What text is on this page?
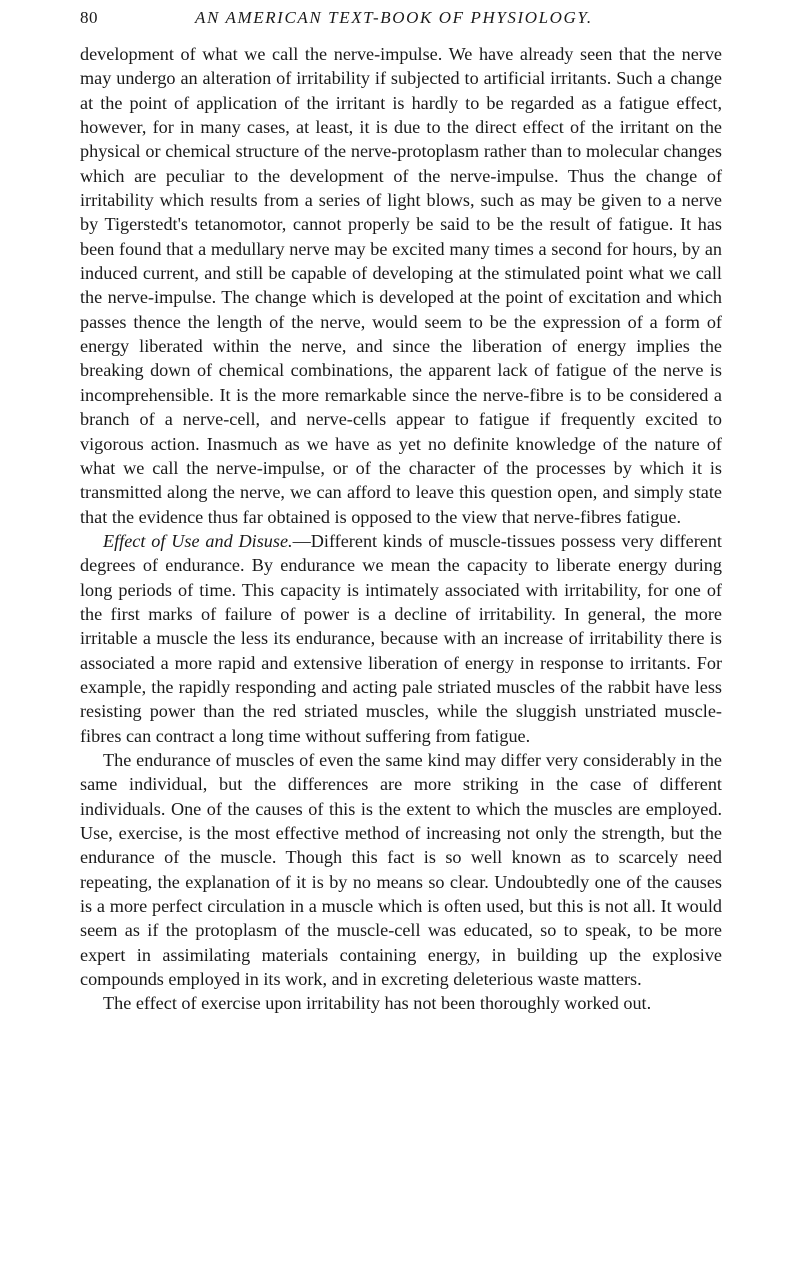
80	AN AMERICAN TEXT-BOOK OF PHYSIOLOGY.

development of what we call the nerve-impulse. We have already seen that the nerve may undergo an alteration of irritability if subjected to artificial irritants. Such a change at the point of application of the irritant is hardly to be regarded as a fatigue effect, however, for in many cases, at least, it is due to the direct effect of the irritant on the physical or chemical structure of the nerve-protoplasm rather than to molecular changes which are peculiar to the development of the nerve-impulse. Thus the change of irritability which results from a series of light blows, such as may be given to a nerve by Tigerstedt's tetanomotor, cannot properly be said to be the result of fatigue. It has been found that a medullary nerve may be excited many times a second for hours, by an induced current, and still be capable of developing at the stimulated point what we call the nerve-impulse. The change which is developed at the point of excitation and which passes thence the length of the nerve, would seem to be the expression of a form of energy liberated within the nerve, and since the liberation of energy implies the breaking down of chemical combinations, the apparent lack of fatigue of the nerve is incomprehensible. It is the more remarkable since the nerve-fibre is to be considered a branch of a nerve-cell, and nerve-cells appear to fatigue if frequently excited to vigorous action. Inasmuch as we have as yet no definite knowledge of the nature of what we call the nerve-impulse, or of the character of the processes by which it is transmitted along the nerve, we can afford to leave this question open, and simply state that the evidence thus far obtained is opposed to the view that nerve-fibres fatigue.

Effect of Use and Disuse.—Different kinds of muscle-tissues possess very different degrees of endurance. By endurance we mean the capacity to liberate energy during long periods of time. This capacity is intimately associated with irritability, for one of the first marks of failure of power is a decline of irritability. In general, the more irritable a muscle the less its endurance, because with an increase of irritability there is associated a more rapid and extensive liberation of energy in response to irritants. For example, the rapidly responding and acting pale striated muscles of the rabbit have less resisting power than the red striated muscles, while the sluggish unstriated muscle-fibres can contract a long time without suffering from fatigue.

The endurance of muscles of even the same kind may differ very considerably in the same individual, but the differences are more striking in the case of different individuals. One of the causes of this is the extent to which the muscles are employed. Use, exercise, is the most effective method of increasing not only the strength, but the endurance of the muscle. Though this fact is so well known as to scarcely need repeating, the explanation of it is by no means so clear. Undoubtedly one of the causes is a more perfect circulation in a muscle which is often used, but this is not all. It would seem as if the protoplasm of the muscle-cell was educated, so to speak, to be more expert in assimilating materials containing energy, in building up the explosive compounds employed in its work, and in excreting deleterious waste matters.

The effect of exercise upon irritability has not been thoroughly worked out.
